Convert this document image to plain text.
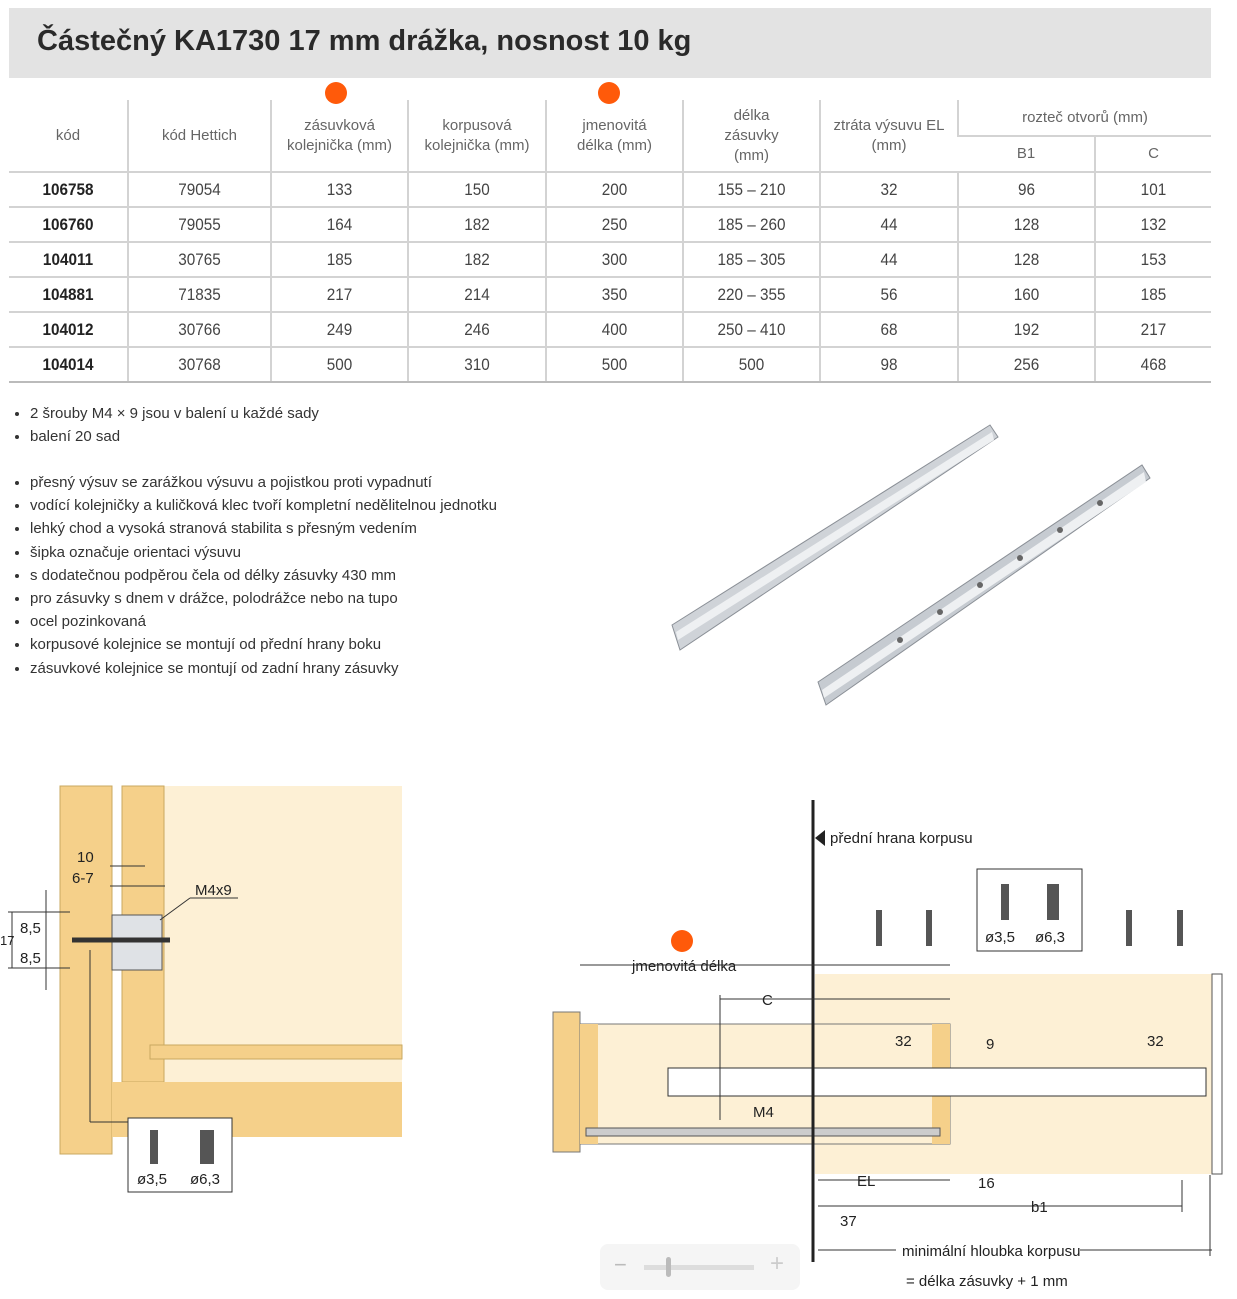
Částečný KA1730 17 mm drážka, nosnost 10 kg
kód	kód Hettich	zásuvková kolejnička (mm)	korpusová kolejnička (mm)	jmenovitá délka (mm)	délka zásuvky (mm)	ztráta výsuvu EL (mm)	rozteč otvorů (mm)	
							B1	C
106758	79054	133	150	200	155 – 210	32	96	101
106760	79055	164	182	250	185 – 260	44	128	132
104011	30765	185	182	300	185 – 305	44	128	153
104881	71835	217	214	350	220 – 355	56	160	185
104012	30766	249	246	400	250 – 410	68	192	217
104014	30768	500	310	500	500	98	256	468
• 2 šrouby M4 × 9 jsou v balení u každé sady
• balení 20 sad
• přesný výsuv se zarážkou výsuvu a pojistkou proti vypadnutí
• vodící kolejničky a kuličková klec tvoří kompletní nedělitelnou jednotku
• lehký chod a vysoká stranová stabilita s přesným vedením
• šipka označuje orientaci výsuvu
• s dodatečnou podpěrou čela od délky zásuvky 430 mm
• pro zásuvky s dnem v drážce, polodrážce nebo na tupo
• ocel pozinkovaná
• korpusové kolejnice se montují od přední hrany boku
• zásuvkové kolejnice se montují od zadní hrany zásuvky
10
6-7
M4x9
8,5
8,5
17
ø3,5 ø6,3
přední hrana korpusu
jmenovitá délka
C
32	9	32
M4
EL	16
b1
37
minimální hloubka korpusu
= délka zásuvky + 1 mm
ø3,5 ø6,3
−	+
